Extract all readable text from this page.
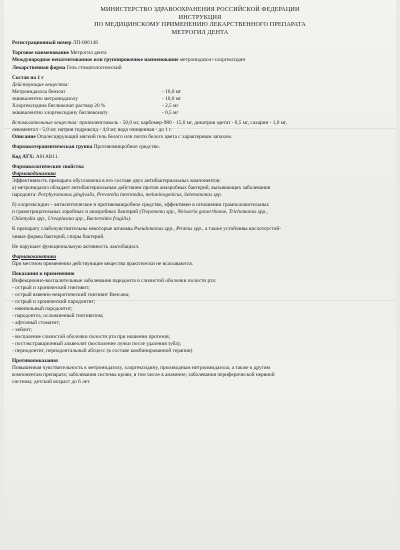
МИНИСТЕРСТВО ЗДРАВООХРАНЕНИЯ РОССИЙСКОЙ ФЕДЕРАЦИИ
ИНСТРУКЦИЯ
ПО МЕДИЦИНСКОМУ ПРИМЕНЕНИЮ ЛЕКАРСТВЕННОГО ПРЕПАРАТА
МЕТРОГИЛ ДЕНТА
Регистрационный номер ЛП-006148
Торговое наименование Метрогил дента
Международное непатентованное или группировочное наименование метронидазол+хлоргексидин
Лекарственная форма Гель стоматологический
Состав на 1 г
Действующие вещества:
Метронидазола бензоат	- 16,0 мг
эквивалентно метронидазолу	- 10,0 мг
Хлоргексидина биглюконат раствор 20 %	- 2,5 мг
эквивалентно хлоргексидину биглюконату	- 0,5 мг
Вспомогательные вещества: пропиленгликоль - 50,0 мг, карбомер-980 - 15,0 мг, динатрия эдетат - 0,5 мг, сахарин - 1,0 мг,
левоментол - 5,0 мг, натрия гидроксид - 4,0 мг, вода очищенная - до 1 г.
Описание Опалесцирующий мягкий гель белого или почти белого цвета с характерным запахом.
Фармакотерапевтическая группа Противомикробное средство.
Код АТХ: A01AB11.
Фармакологические свойства
Фармакодинамика
Эффективность препарата обусловлена в его составе двух антибактериальных компонентов:
а) метронидазол обладает антибактериальным действием против анаэробных бактерий, вызывающих заболевания
пародонта: Porphyromonas gingivalis, Prevotella intermedia, melaninogenicus, Selenomonas spp.
б) хлоргексидин – антисептическое и противомикробное средство, эффективен в отношении грамположительных
и грамотрицательных аэробных и анаэробных бактерий (Treponema spp., Neisseria gonorrhoeae, Trichomonas spp.,
Chlamydia spp., Ureaplasma spp., Bacteroides fragilis).
К препарату слабочувствительны некоторые штаммы Pseudomonas spp., Proteus spp., а также устойчивы кислотоустой-
чивые формы бактерий, споры бактерий.
Не нарушает функциональную активность лактобацилл.
Фармакокинетика
При местном применении действующие вещества практически не всасываются.
Показания к применению
Инфекционно-воспалительные заболевания пародонта и слизистой оболочки полости рта:
- острый и хронический гингивит;
- острый язвенно-некротический гингивит Венсана;
- острый и хронический пародонтит;
- ювенильный пародонтит;
- пародонтоз, осложненный гингивитом;
- афтозный стоматит;
- хейлит;
- воспаление слизистой оболочки полости рта при ношении протезов;
- постэкстракционный альвеолит (воспаление лунки после удаления зуба);
- периодонтит, периодонтальный абсцесс (в составе комбинированной терапии)
Противопоказания
Повышенная чувствительность к метронидазолу, хлоргексидину, производным нитроимидазола, а также к другим
компонентам препарата; заболевания системы крови, в том числе в анамнезе; заболевания периферической нервной
системы; детский возраст до 6 лет.
